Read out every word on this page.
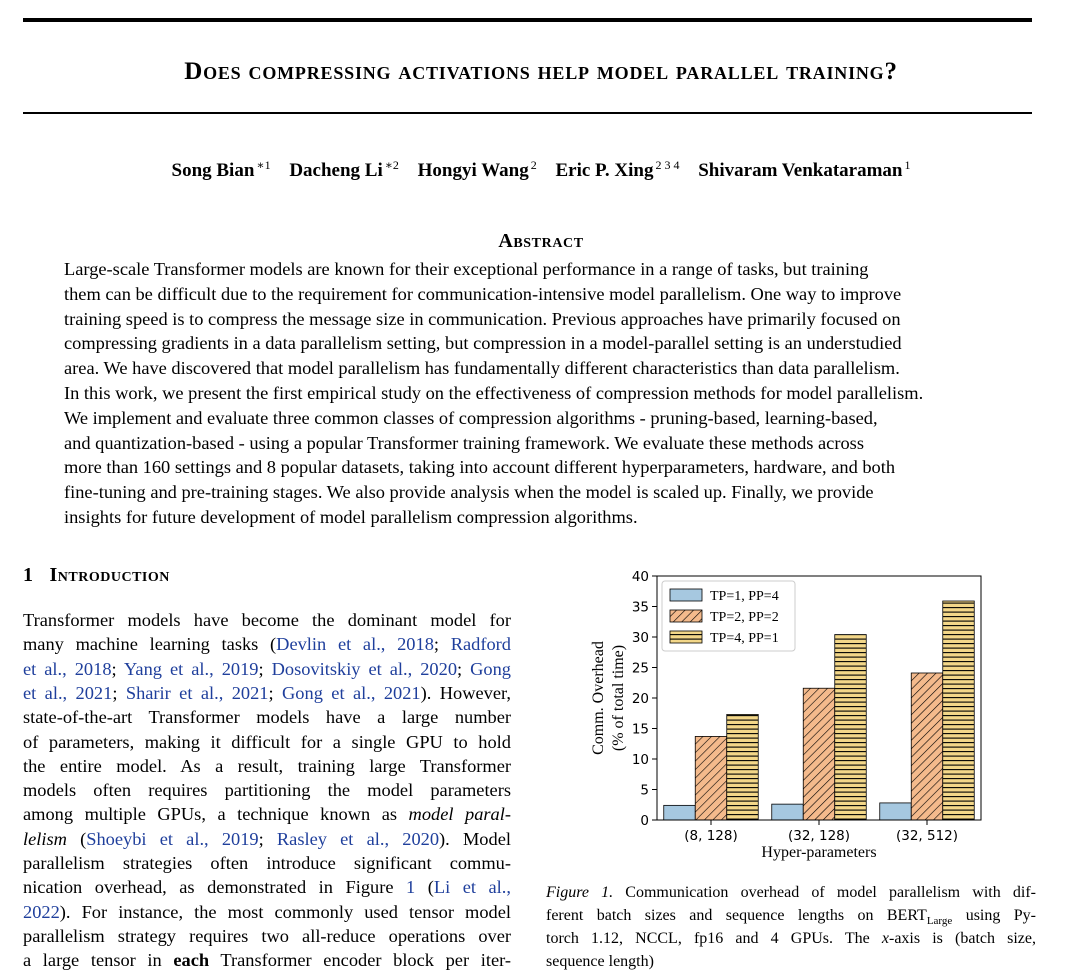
Does compressing activations help model parallel training?
Song Bian $^{∗1}$ Dacheng Li $^{∗2}$ Hongyi Wang $^2$ Eric P. Xing $^{2 3 4}$ Shivaram Venkataraman $^1$
Abstract
Large-scale Transformer models are known for their exceptional performance in a range of tasks, but training
them can be difficult due to the requirement for communication-intensive model parallelism. One way to improve
training speed is to compress the message size in communication. Previous approaches have primarily focused on
compressing gradients in a data parallelism setting, but compression in a model-parallel setting is an understudied
area. We have discovered that model parallelism has fundamentally different characteristics than data parallelism.
In this work, we present the first empirical study on the effectiveness of compression methods for model parallelism.
We implement and evaluate three common classes of compression algorithms - pruning-based, learning-based,
and quantization-based - using a popular Transformer training framework. We evaluate these methods across
more than 160 settings and 8 popular datasets, taking into account different hyperparameters, hardware, and both
fine-tuning and pre-training stages. We also provide analysis when the model is scaled up. Finally, we provide
insights for future development of model parallelism compression algorithms.
1 Introduction
Transformer models have become the dominant model for
many machine learning tasks (Devlin et al., 2018; Radford
et al., 2018; Yang et al., 2019; Dosovitskiy et al., 2020; Gong
et al., 2021; Sharir et al., 2021; Gong et al., 2021). However,
state-of-the-art Transformer models have a large number
of parameters, making it difficult for a single GPU to hold
the entire model. As a result, training large Transformer
models often requires partitioning the model parameters
among multiple GPUs, a technique known as model paral-
lelism (Shoeybi et al., 2019; Rasley et al., 2020). Model
parallelism strategies often introduce significant commu-
nication overhead, as demonstrated in Figure 1 (Li et al.,
2022). For instance, the most commonly used tensor model
parallelism strategy requires two all-reduce operations over
a large tensor in each Transformer encoder block per iter-
(8, 128)	(32, 128)	(32, 512)
0
5
10
15
20
25
30
35
40
Comm. Overhead (% of total time)
Hyper-parameters
TP=1, PP=4
TP=2, PP=2
TP=4, PP=1
Figure 1. Communication overhead of model parallelism with dif-
ferent batch sizes and sequence lengths on $BERT_{Large}$ using Py-
torch 1.12, NCCL, fp16 and 4 GPUs. The x-axis is (batch size,
sequence length)
